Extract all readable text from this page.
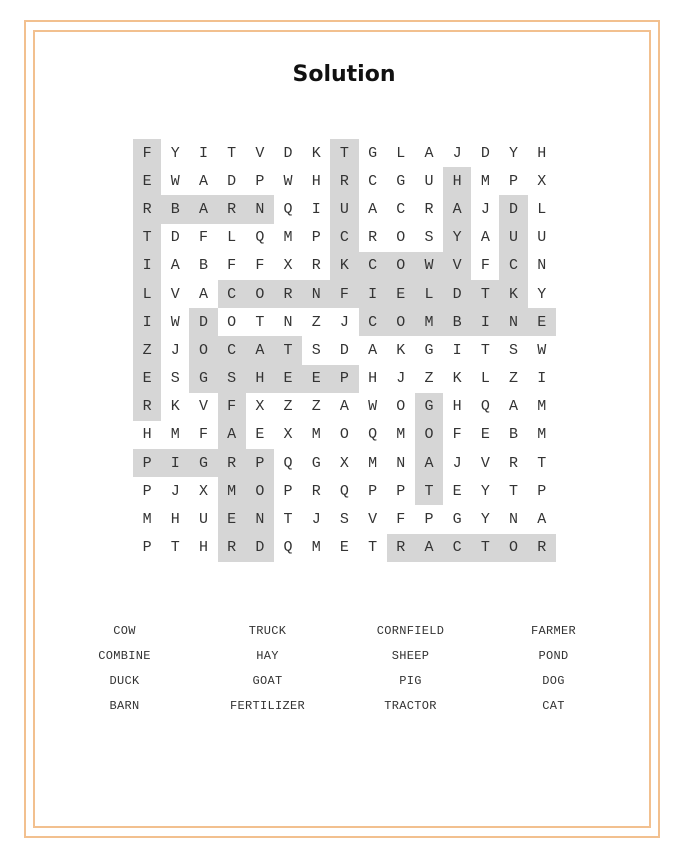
Solution
F	Y	I	T	V	D	K	T	G	L	A	J	D	Y	H
E	W	A	D	P	W	H	R	C	G	U	H	M	P	X
R	B	A	R	N	Q	I	U	A	C	R	A	J	D	L
T	D	F	L	Q	M	P	C	R	O	S	Y	A	U	U
I	A	B	F	F	X	R	K	C	O	W	V	F	C	N
L	V	A	C	O	R	N	F	I	E	L	D	T	K	Y
I	W	D	O	T	N	Z	J	C	O	M	B	I	N	E
Z	J	O	C	A	T	S	D	A	K	G	I	T	S	W
E	S	G	S	H	E	E	P	H	J	Z	K	L	Z	I
R	K	V	F	X	Z	Z	A	W	O	G	H	Q	A	M
H	M	F	A	E	X	M	O	Q	M	O	F	E	B	M
P	I	G	R	P	Q	G	X	M	N	A	J	V	R	T
P	J	X	M	O	P	R	Q	P	P	T	E	Y	T	P
M	H	U	E	N	T	J	S	V	F	P	G	Y	N	A
P	T	H	R	D	Q	M	E	T	R	A	C	T	O	R
COW	TRUCK	CORNFIELD	FARMER
COMBINE	HAY	SHEEP	POND
DUCK	GOAT	PIG	DOG
BARN	FERTILIZER	TRACTOR	CAT
